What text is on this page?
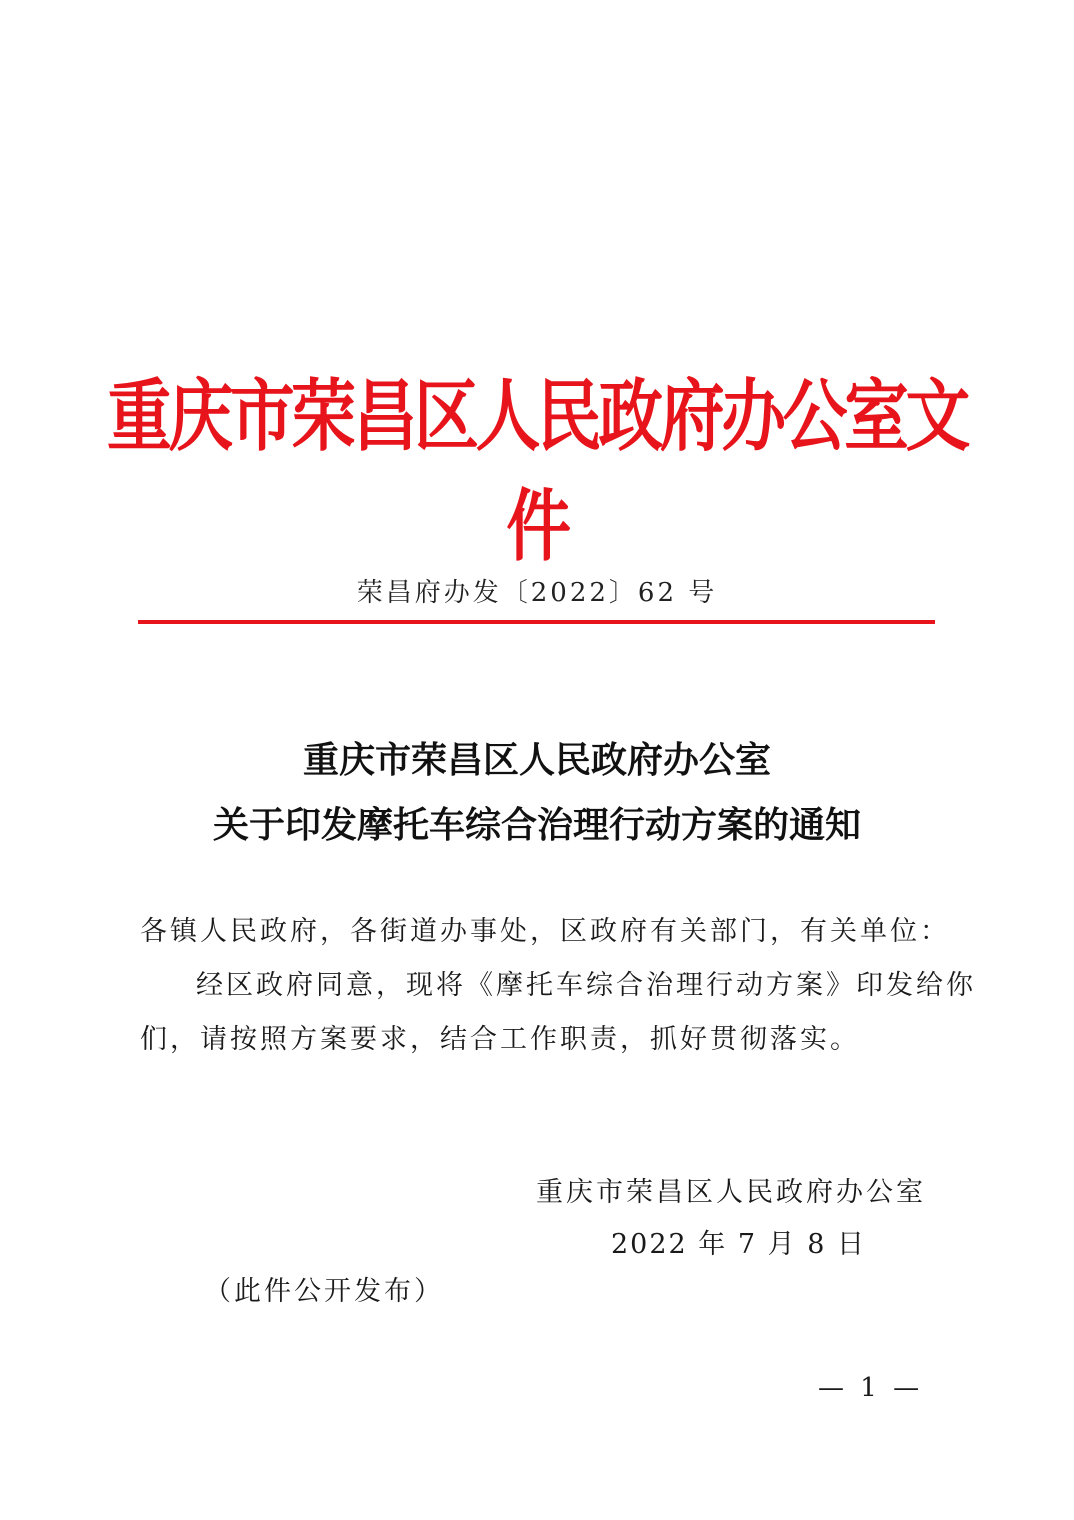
重庆市荣昌区人民政府办公室文件
荣昌府办发〔2022〕62 号
重庆市荣昌区人民政府办公室
关于印发摩托车综合治理行动方案的通知
各镇人民政府，各街道办事处，区政府有关部门，有关单位：
经区政府同意，现将《摩托车综合治理行动方案》印发给你
们，请按照方案要求，结合工作职责，抓好贯彻落实。
重庆市荣昌区人民政府办公室
2022 年 7 月 8 日
（此件公开发布）
— 1 —
